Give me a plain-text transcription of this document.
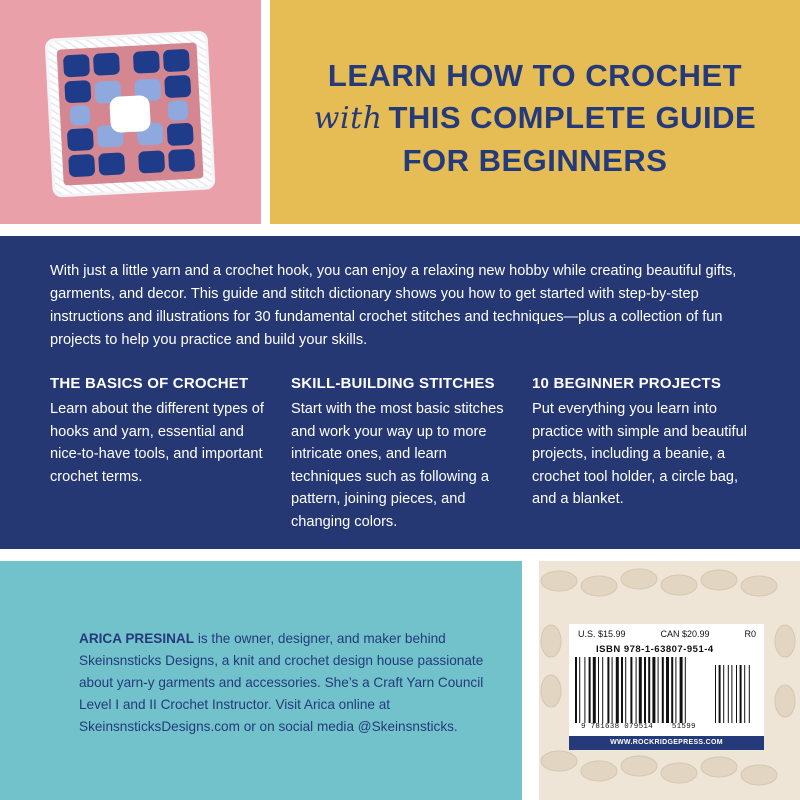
LEARN HOW TO CROCHET
with THIS COMPLETE GUIDE
FOR BEGINNERS
With just a little yarn and a crochet hook, you can enjoy a relaxing new hobby while creating beautiful gifts, garments, and decor. This guide and stitch dictionary shows you how to get started with step-by-step instructions and illustrations for 30 fundamental crochet stitches and techniques—plus a collection of fun projects to help you practice and build your skills.
THE BASICS OF CROCHET

Learn about the different types of hooks and yarn, essential and nice-to-have tools, and important crochet terms.

SKILL-BUILDING STITCHES

Start with the most basic stitches and work your way up to more intricate ones, and learn techniques such as following a pattern, joining pieces, and changing colors.

10 BEGINNER PROJECTS

Put everything you learn into practice with simple and beautiful projects, including a beanie, a crochet tool holder, a circle bag, and a blanket.

ARICA PRESINAL is the owner, designer, and maker behind Skeinsnsticks Designs, a knit and crochet design house passionate about yarn-y garments and accessories. She’s a Craft Yarn Council Level I and II Crochet Instructor. Visit Arica online at SkeinsnsticksDesigns.com or on social media @Skeinsnsticks.
U.S. $15.99	CAN $20.99	R0
ISBN 978-1-63807-951-4
9 781638 079514	51599
WWW.ROCKRIDGEPRESS.COM
